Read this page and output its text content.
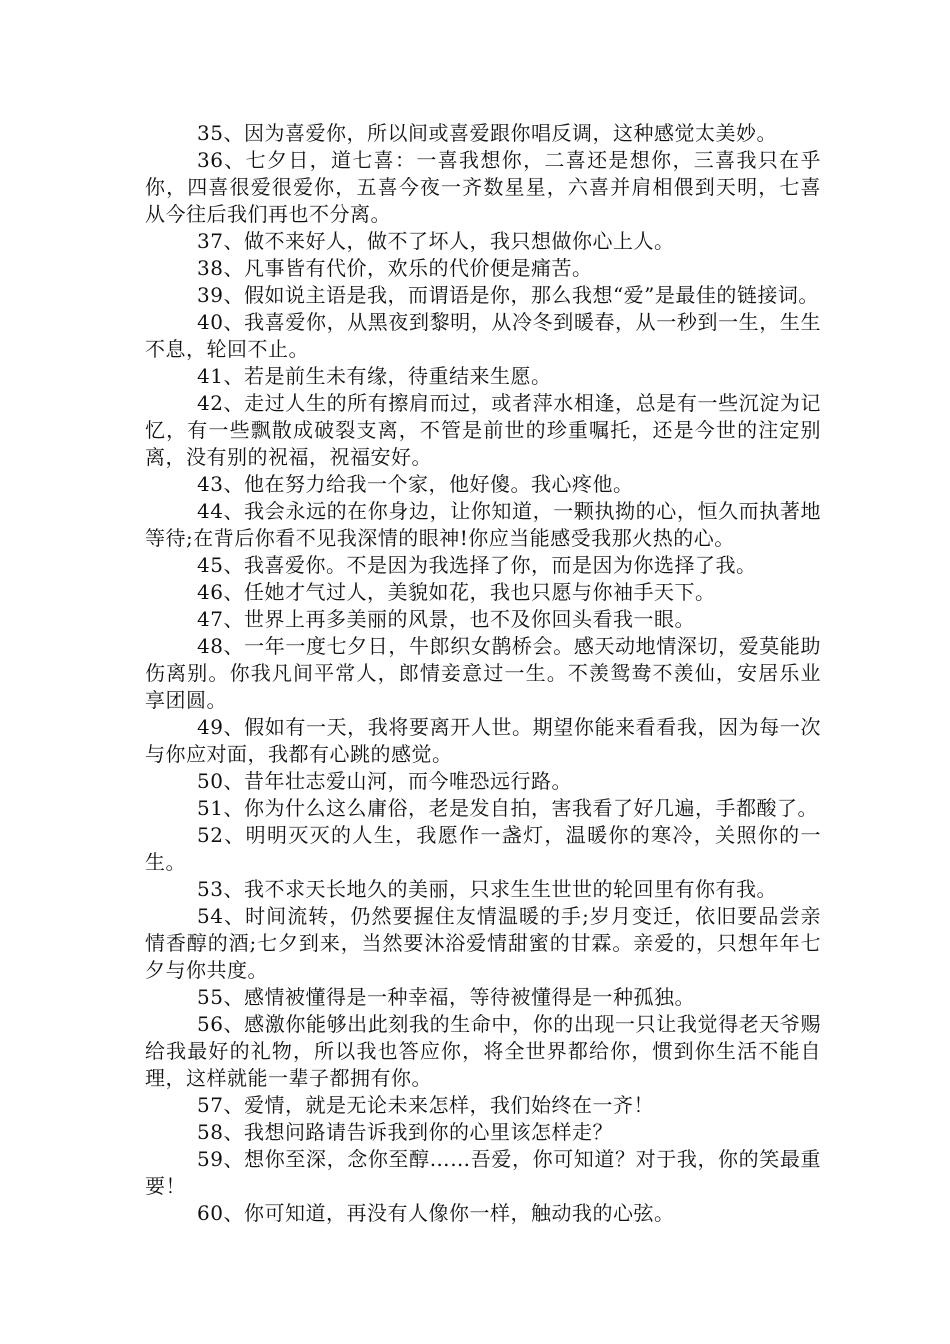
35、因为喜爱你，所以间或喜爱跟你唱反调，这种感觉太美妙。

36、七夕日，道七喜：一喜我想你，二喜还是想你，三喜我只在乎你，四喜很爱很爱你，五喜今夜一齐数星星，六喜并肩相偎到天明，七喜从今往后我们再也不分离。

37、做不来好人，做不了坏人，我只想做你心上人。

38、凡事皆有代价，欢乐的代价便是痛苦。

39、假如说主语是我，而谓语是你，那么我想“爱”是最佳的链接词。

40、我喜爱你，从黑夜到黎明，从冷冬到暖春，从一秒到一生，生生不息，轮回不止。

41、若是前生未有缘，待重结来生愿。

42、走过人生的所有擦肩而过，或者萍水相逢，总是有一些沉淀为记忆，有一些飘散成破裂支离，不管是前世的珍重嘱托，还是今世的注定别离，没有别的祝福，祝福安好。

43、他在努力给我一个家，他好傻。我心疼他。

44、我会永远的在你身边，让你知道，一颗执拗的心，恒久而执著地等待;在背后你看不见我深情的眼神!你应当能感受我那火热的心。

45、我喜爱你。不是因为我选择了你，而是因为你选择了我。

46、任她才气过人，美貌如花，我也只愿与你袖手天下。

47、世界上再多美丽的风景，也不及你回头看我一眼。

48、一年一度七夕日，牛郎织女鹊桥会。感天动地情深切，爱莫能助伤离别。你我凡间平常人，郎情妾意过一生。不羡鸳鸯不羡仙，安居乐业享团圆。

49、假如有一天，我将要离开人世。期望你能来看看我，因为每一次与你应对面，我都有心跳的感觉。

50、昔年壮志爱山河，而今唯恐远行路。

51、你为什么这么庸俗，老是发自拍，害我看了好几遍，手都酸了。

52、明明灭灭的人生，我愿作一盏灯，温暖你的寒冷，关照你的一生。

53、我不求天长地久的美丽，只求生生世世的轮回里有你有我。

54、时间流转，仍然要握住友情温暖的手;岁月变迁，依旧要品尝亲情香醇的酒;七夕到来，当然要沐浴爱情甜蜜的甘霖。亲爱的，只想年年七夕与你共度。

55、感情被懂得是一种幸福，等待被懂得是一种孤独。

56、感激你能够出此刻我的生命中，你的出现一只让我觉得老天爷赐给我最好的礼物，所以我也答应你，将全世界都给你，惯到你生活不能自理，这样就能一辈子都拥有你。

57、爱情，就是无论未来怎样，我们始终在一齐！

58、我想问路请告诉我到你的心里该怎样走？

59、想你至深，念你至醇……吾爱，你可知道？对于我，你的笑最重要！

60、你可知道，再没有人像你一样，触动我的心弦。
